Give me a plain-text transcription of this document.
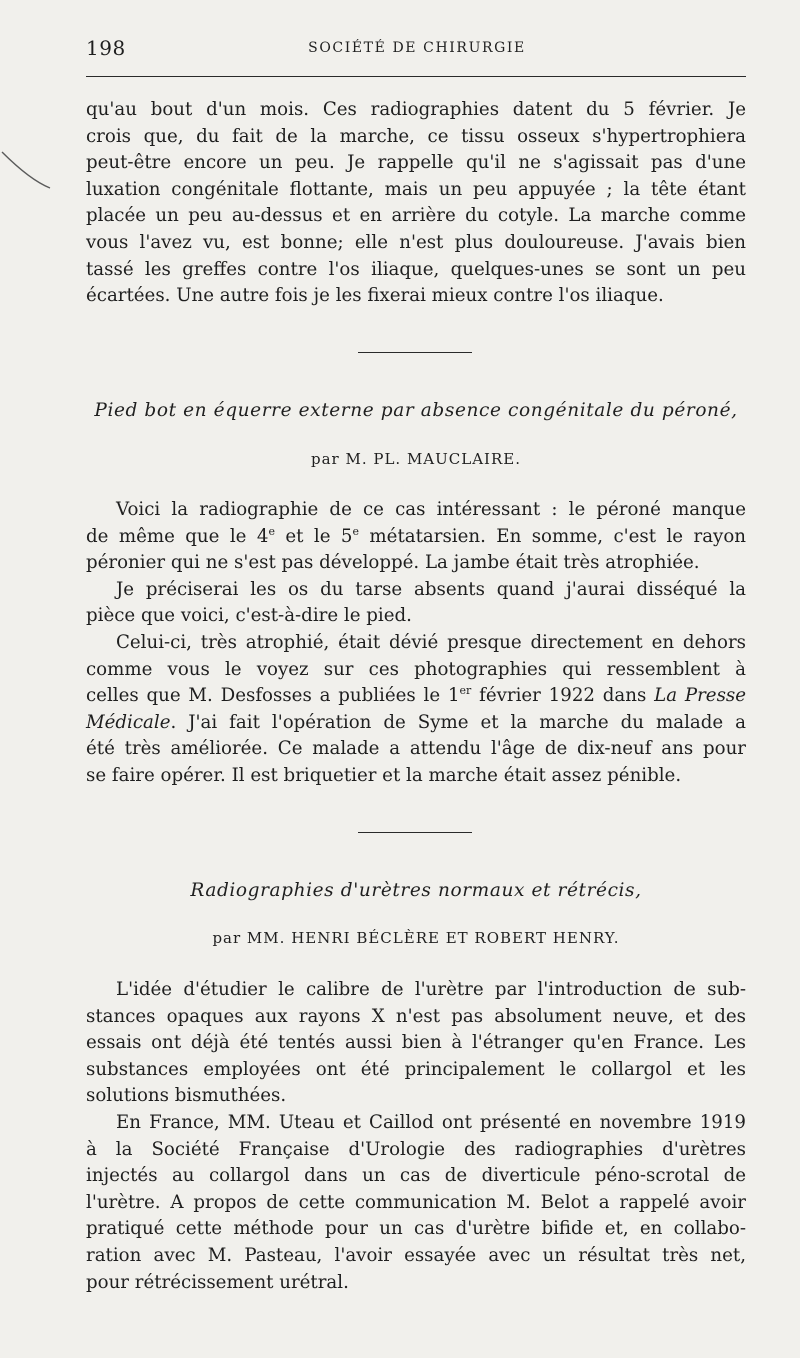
198	SOCIÉTÉ DE CHIRURGIE
qu'au bout d'un mois. Ces radiographies datent du 5 février. Je
crois que, du fait de la marche, ce tissu osseux s'hypertrophiera
peut-être encore un peu. Je rappelle qu'il ne s'agissait pas d'une
luxation congénitale flottante, mais un peu appuyée ; la tête étant
placée un peu au-dessus et en arrière du cotyle. La marche comme
vous l'avez vu, est bonne; elle n'est plus douloureuse. J'avais bien
tassé les greffes contre l'os iliaque, quelques-unes se sont un peu
écartées. Une autre fois je les fixerai mieux contre l'os iliaque.
Pied bot en équerre externe par absence congénitale du péroné,
par M. PL. MAUCLAIRE.
Voici la radiographie de ce cas intéressant : le péroné manque
de même que le 4e et le 5e métatarsien. En somme, c'est le rayon
péronier qui ne s'est pas développé. La jambe était très atrophiée.
Je préciserai les os du tarse absents quand j'aurai disséqué la
pièce que voici, c'est-à-dire le pied.
Celui-ci, très atrophié, était dévié presque directement en dehors
comme vous le voyez sur ces photographies qui ressemblent à
celles que M. Desfosses a publiées le 1er février 1922 dans La Presse
Médicale. J'ai fait l'opération de Syme et la marche du malade a
été très améliorée. Ce malade a attendu l'âge de dix-neuf ans pour
se faire opérer. Il est briquetier et la marche était assez pénible.
Radiographies d'urètres normaux et rétrécis,
par MM. HENRI BÉCLÈRE ET ROBERT HENRY.
L'idée d'étudier le calibre de l'urètre par l'introduction de sub-
stances opaques aux rayons X n'est pas absolument neuve, et des
essais ont déjà été tentés aussi bien à l'étranger qu'en France. Les
substances employées ont été principalement le collargol et les
solutions bismuthées.
En France, MM. Uteau et Caillod ont présenté en novembre 1919
à la Société Française d'Urologie des radiographies d'urètres
injectés au collargol dans un cas de diverticule péno-scrotal de
l'urètre. A propos de cette communication M. Belot a rappelé avoir
pratiqué cette méthode pour un cas d'urètre bifide et, en collabo-
ration avec M. Pasteau, l'avoir essayée avec un résultat très net,
pour rétrécissement urétral.
